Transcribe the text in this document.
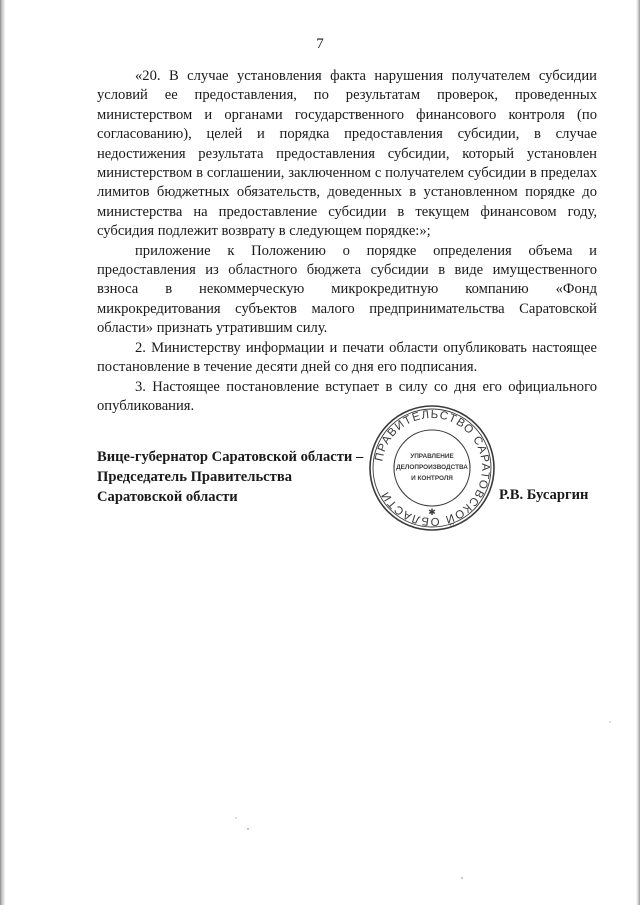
7

«20. В случае установления факта нарушения получателем субсидии условий ее предоставления, по результатам проверок, проведенных министерством и органами государственного финансового контроля (по согласованию), целей и порядка предоставления субсидии, в случае недостижения результата предоставления субсидии, который установлен министерством в соглашении, заключенном с получателем субсидии в пределах лимитов бюджетных обязательств, доведенных в установленном порядке до министерства на предоставление субсидии в текущем финансовом году, субсидия подлежит возврату в следующем порядке:»;

приложение к Положению о порядке определения объема и предоставления из областного бюджета субсидии в виде имущественного взноса в некоммерческую микрокредитную компанию «Фонд микрокредитования субъектов малого предпринимательства Саратовской области» признать утратившим силу.

2. Министерству информации и печати области опубликовать настоящее постановление в течение десяти дней со дня его подписания.

3. Настоящее постановление вступает в силу со дня его официального опубликования.

Вице-губернатор Саратовской области –
Председатель Правительства
Саратовской области
ПРАВИТЕЛЬСТВО САРАТОВСКОЙ ОБЛАСТИ
УПРАВЛЕНИЕ
ДЕЛОПРОИЗВОДСТВА
И КОНТРОЛЯ
✱
Р.В. Бусаргин
